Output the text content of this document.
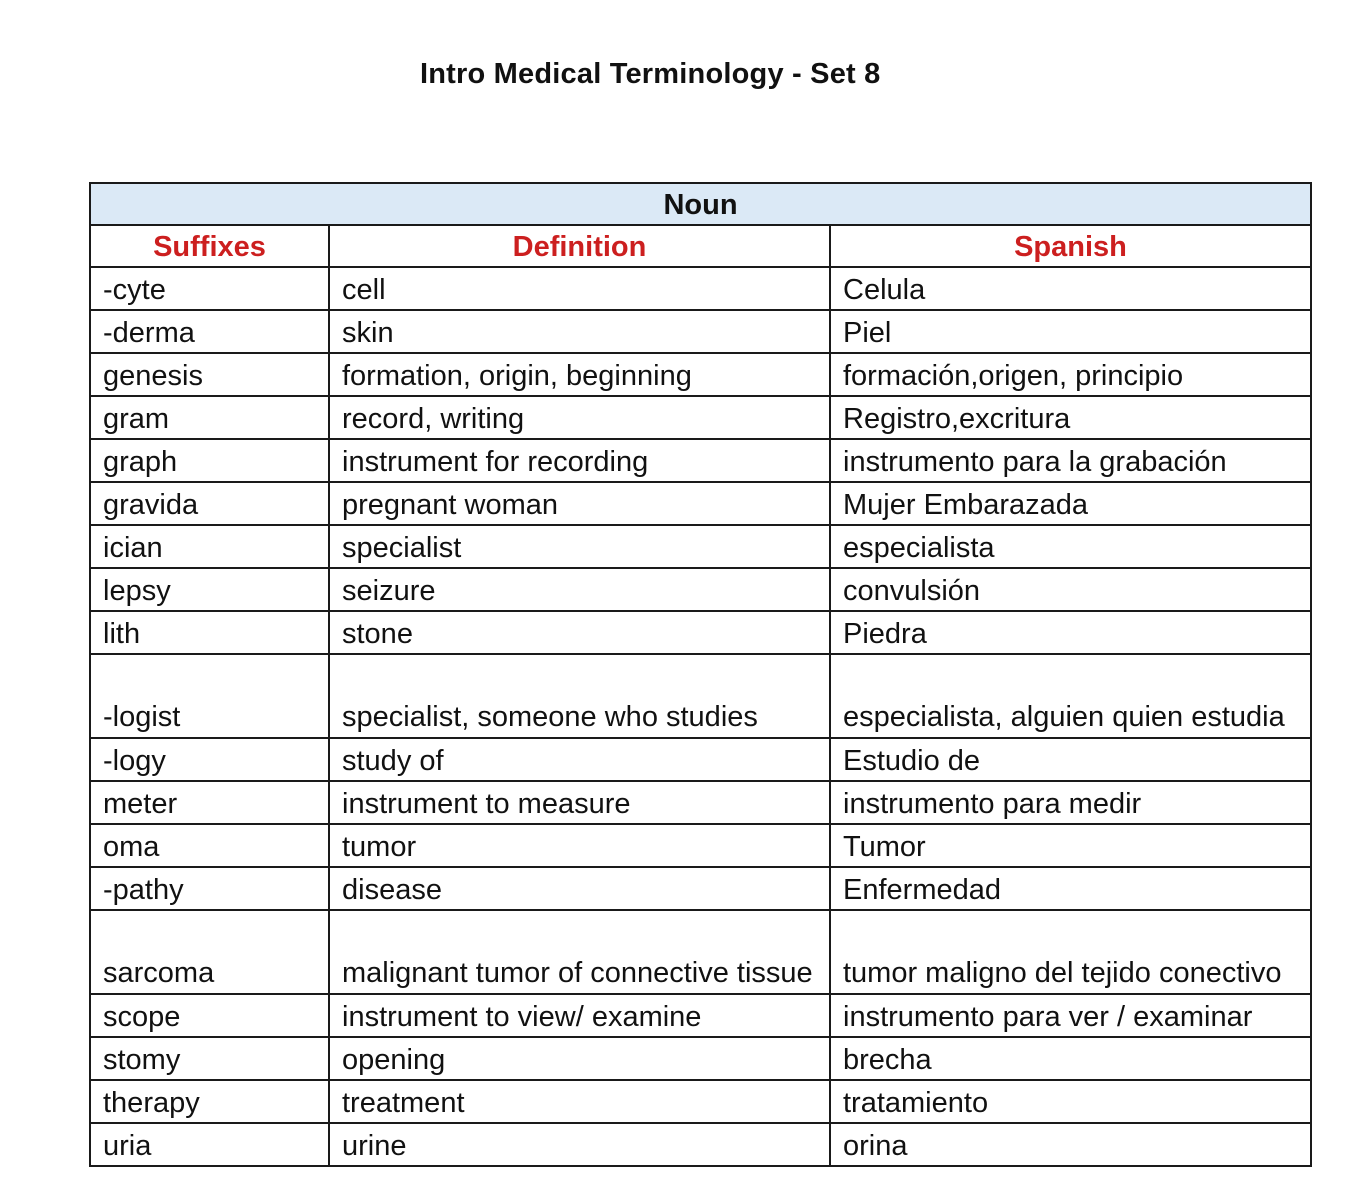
Intro Medical Terminology - Set 8
Noun		
Suffixes	Definition	Spanish
-cyte	cell	Celula
-derma	skin	Piel
genesis	formation, origin, beginning	formación,origen, principio
gram	record, writing	Registro,excritura
graph	instrument for recording	instrumento para la grabación
gravida	pregnant woman	Mujer Embarazada
ician	specialist	especialista
lepsy	seizure	convulsión
lith	stone	Piedra
-logist	specialist, someone who studies	especialista, alguien quien estudia
-logy	study of	Estudio de
meter	instrument to measure	instrumento para medir
oma	tumor	Tumor
-pathy	disease	Enfermedad
sarcoma	malignant tumor of connective tissue	tumor maligno del tejido conectivo
scope	instrument to view/ examine	instrumento para ver / examinar
stomy	opening	brecha
therapy	treatment	tratamiento
uria	urine	orina
